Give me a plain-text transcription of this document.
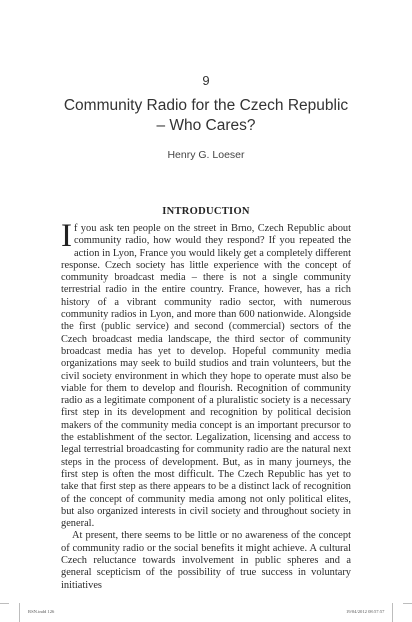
9
Community Radio for the Czech Republic – Who Cares?
Henry G. Loeser
INTRODUCTION

If you ask ten people on the street in Brno, Czech Republic about community radio, how would they respond? If you repeated the action in Lyon, France you would likely get a completely different response. Czech society has little experience with the concept of community broadcast media – there is not a single community terrestrial radio in the entire country. France, however, has a rich history of a vibrant community radio sector, with numerous community radios in Lyon, and more than 600 nationwide. Alongside the first (public service) and second (commercial) sectors of the Czech broadcast media landscape, the third sector of community broadcast media has yet to develop. Hopeful community media organizations may seek to build studios and train volunteers, but the civil society environment in which they hope to operate must also be viable for them to develop and flourish. Recognition of community radio as a legitimate component of a pluralistic society is a necessary first step in its development and recognition by political decision makers of the community media concept is an important precursor to the establishment of the sector. Legalization, licensing and access to legal terrestrial broadcasting for community radio are the natural next steps in the process of development. But, as in many journeys, the first step is often the most difficult. The Czech Republic has yet to take that first step as there appears to be a distinct lack of recognition of the concept of community media among not only political elites, but also organized interests in civil society and throughout society in general.

At present, there seems to be little or no awareness of the concept of community radio or the social benefits it might achieve. A cultural Czech reluctance towards involvement in public spheres and a general scepticism of the possibility of true success in voluntary initiatives

RSN.indd 126	19/04/2012 08:57:57
